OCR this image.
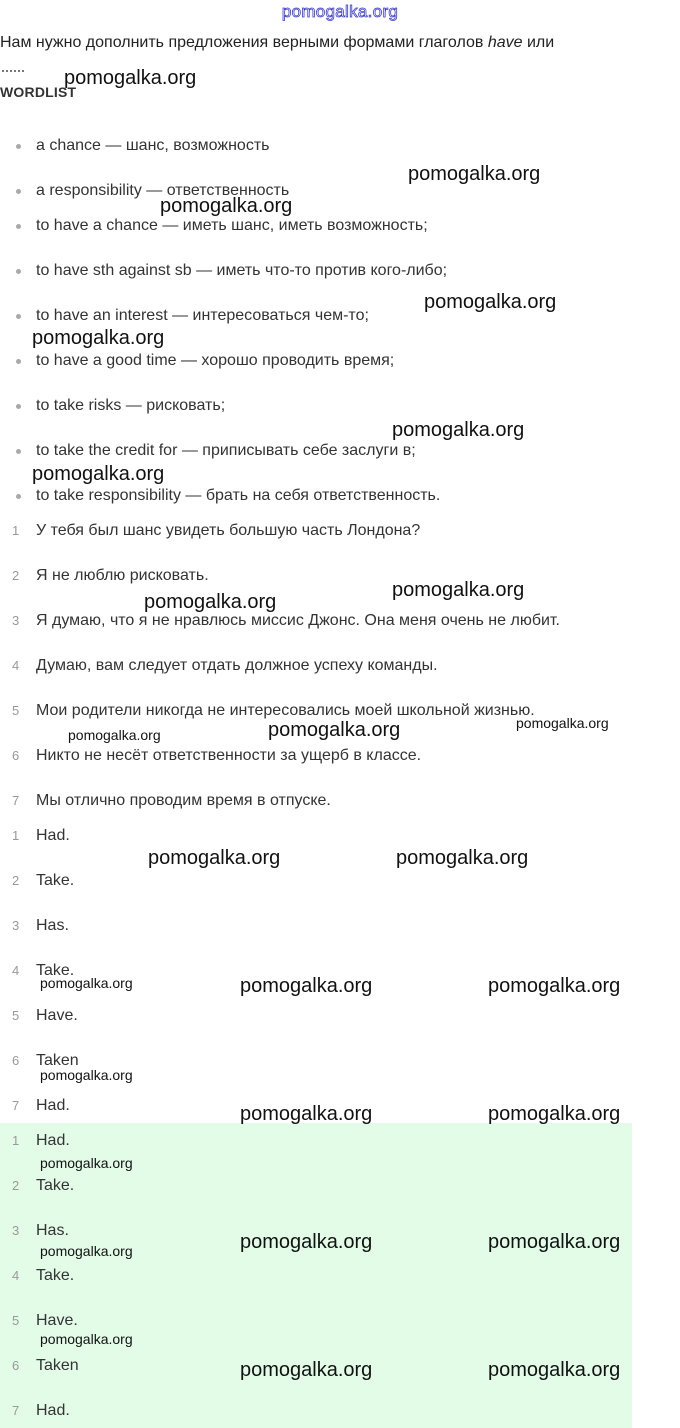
pomogalka.org
Нам нужно дополнить предложения верными формами глаголов have или
WORDLIST
a chance — шанс, возможность
a responsibility — ответственность
to have a chance — иметь шанс, иметь возможность;
to have sth against sb — иметь что-то против кого-либо;
to have an interest — интересоваться чем-то;
to have a good time — хорошо проводить время;
to take risks — рисковать;
to take the credit for — приписывать себе заслуги в;
to take responsibility — брать на себя ответственность.
1	У тебя был шанс увидеть большую часть Лондона?
2	Я не люблю рисковать.
3	Я думаю, что я не нравлюсь миссис Джонс. Она меня очень не любит.
4	Думаю, вам следует отдать должное успеху команды.
5	Мои родители никогда не интересовались моей школьной жизнью.
6	Никто не несёт ответственности за ущерб в классе.
7	Мы отлично проводим время в отпуске.
1	Had.
2	Take.
3	Has.
4	Take.
5	Have.
6	Taken
7	Had.
1	Had.
2	Take.
3	Has.
4	Take.
5	Have.
6	Taken
7	Had.
pomogalka.org
pomogalka.org
pomogalka.org
pomogalka.org
pomogalka.org
pomogalka.org
pomogalka.org
pomogalka.org
pomogalka.org
pomogalka.org
pomogalka.org
pomogalka.org
pomogalka.org	pomogalka.org
pomogalka.org	pomogalka.org	pomogalka.org
pomogalka.org
pomogalka.org	pomogalka.org
pomogalka.org
pomogalka.org	pomogalka.org
pomogalka.org
pomogalka.org
pomogalka.org	pomogalka.org
